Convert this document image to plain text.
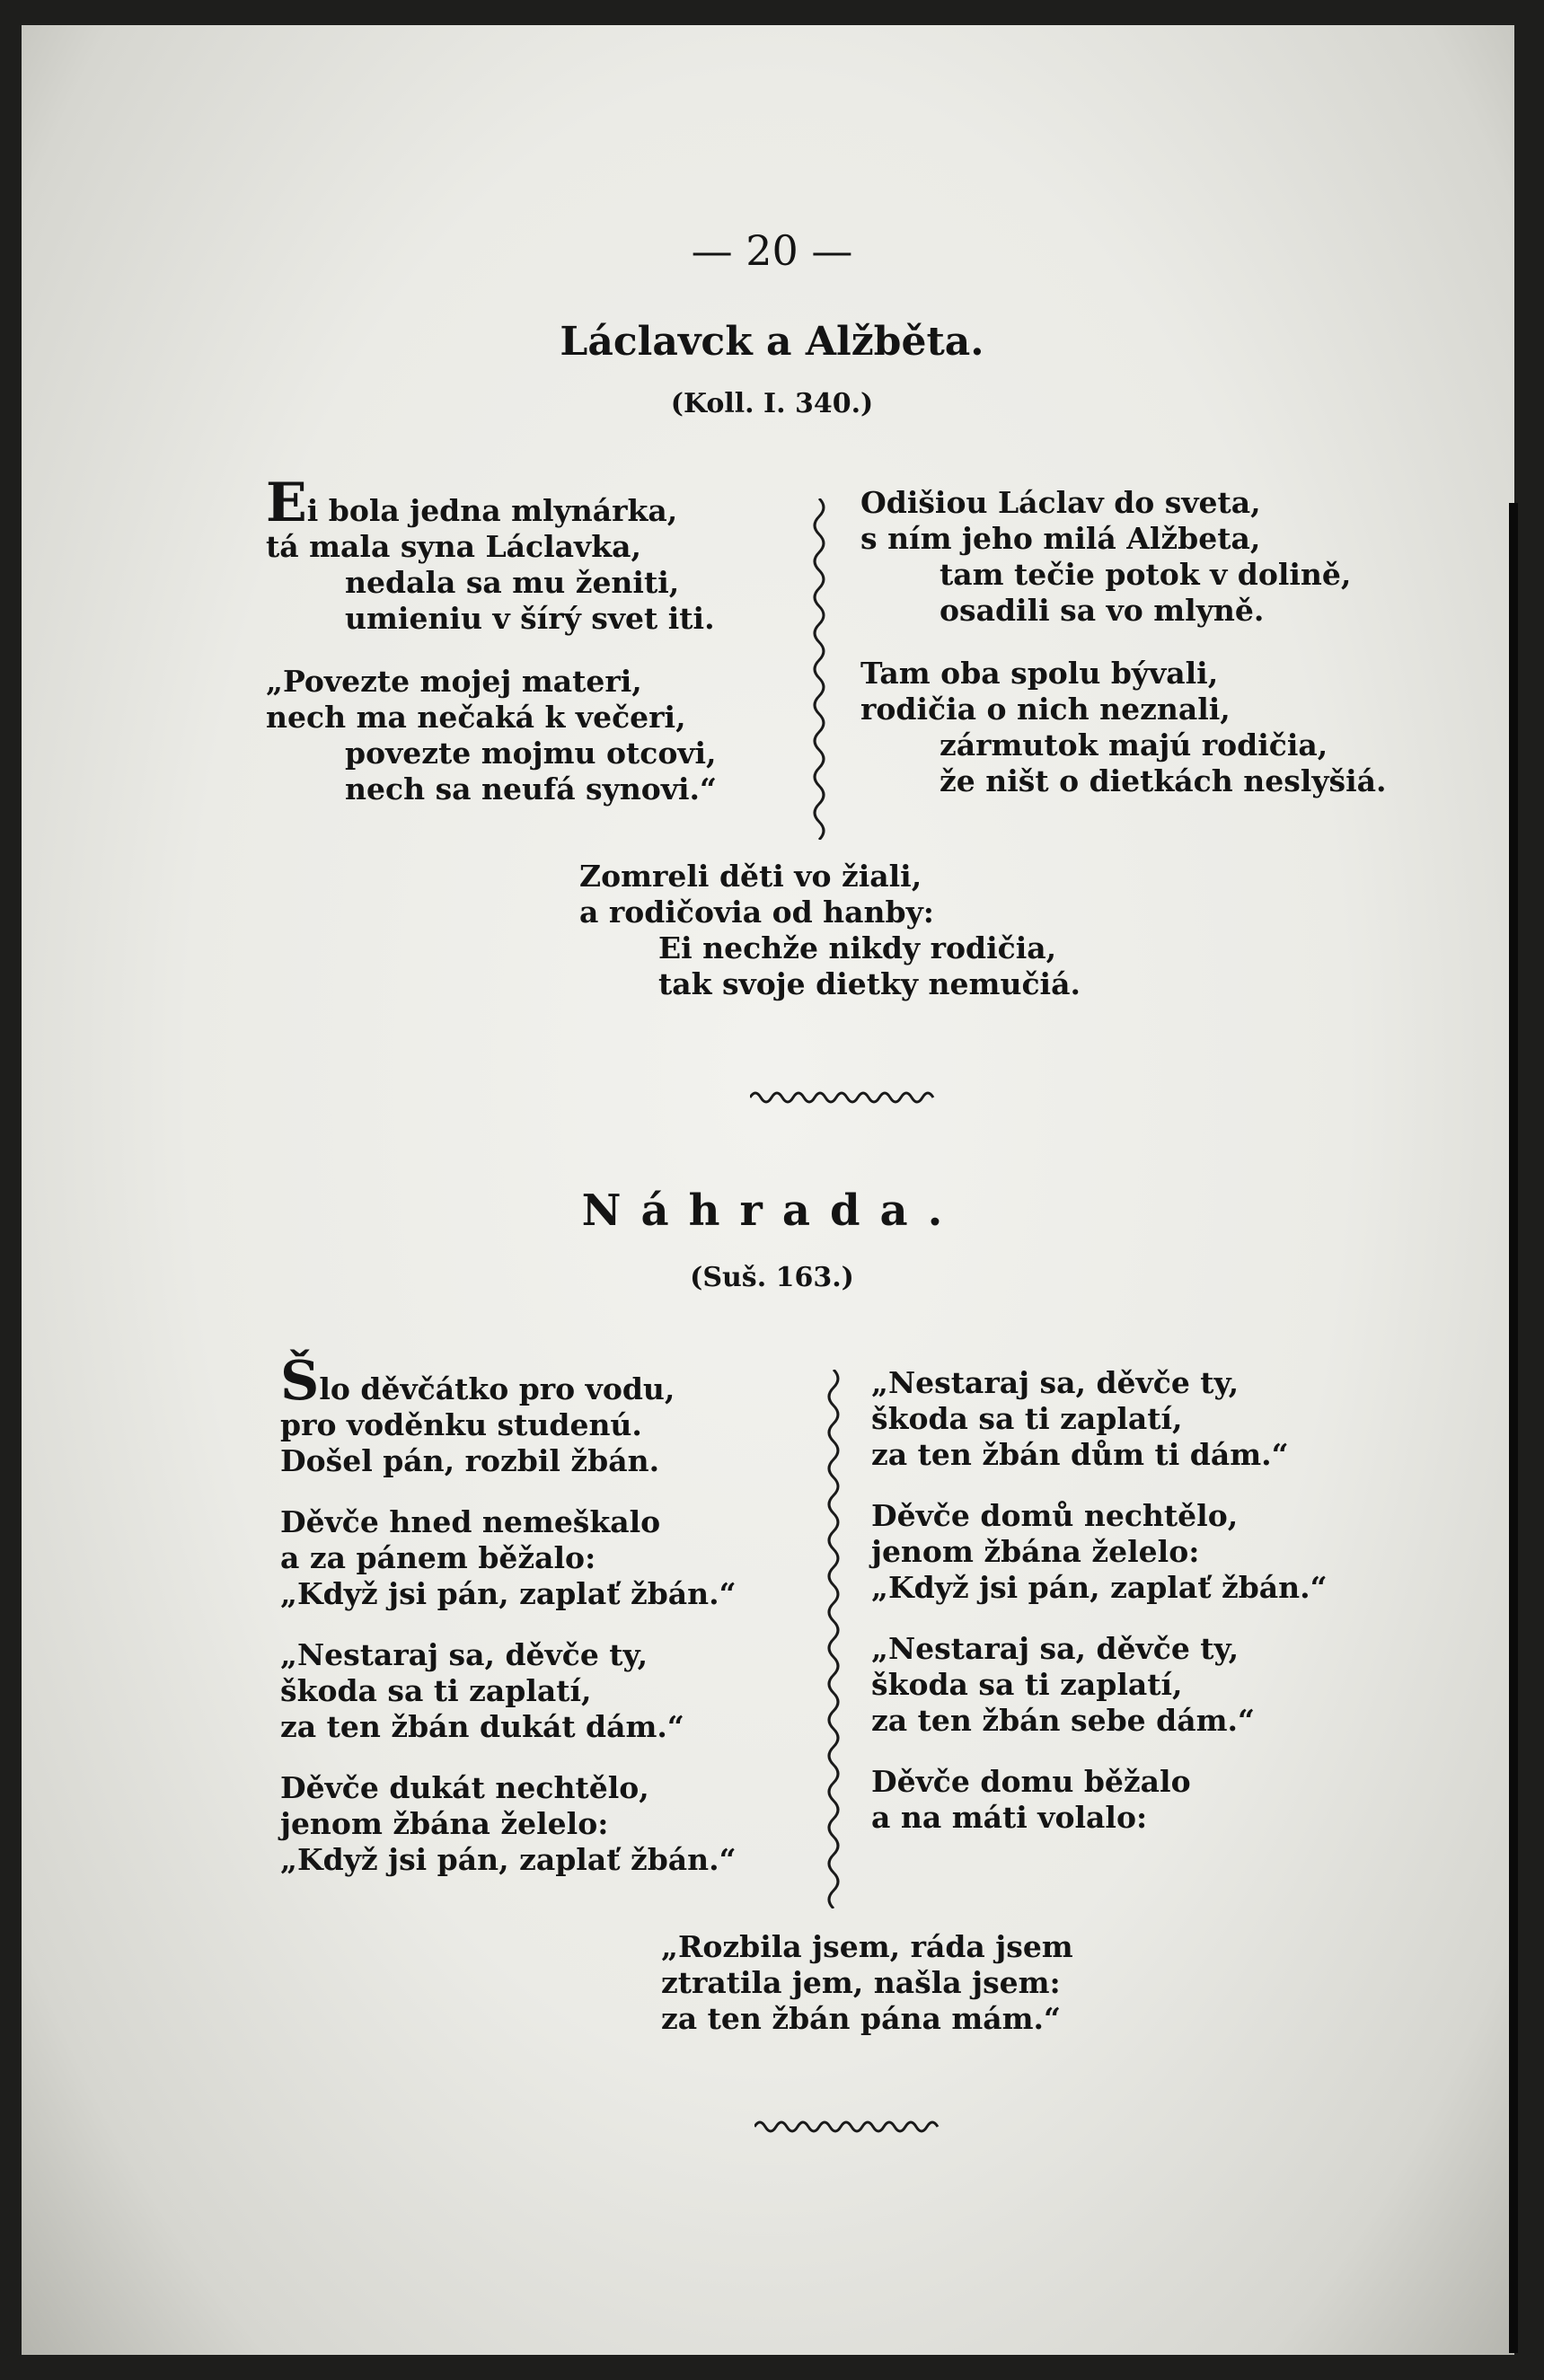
— 20 —
Láclavck a Alžběta.
(Koll. I. 340.)
Ei bola jedna mlynárka,
tá mala syna Láclavka,
nedala sa mu ženiti,
umieniu v šírý svet iti.
„Povezte mojej materi,
nech ma nečaká k večeri,
povezte mojmu otcovi,
nech sa neufá synovi.“
Odišiou Láclav do sveta,
s ním jeho milá Alžbeta,
tam tečie potok v dolině,
osadili sa vo mlyně.
Tam oba spolu bývali,
rodičia o nich neznali,
zármutok majú rodičia,
že ništ o dietkách neslyšiá.
Zomreli děti vo žiali,
a rodičovia od hanby:
Ei nechže nikdy rodičia,
tak svoje dietky nemučiá.
Náhrada.
(Suš. 163.)
Šlo děvčátko pro vodu,
pro voděnku studenú.
Došel pán, rozbil žbán.
Děvče hned nemeškalo
a za pánem běžalo:
„Když jsi pán, zaplať žbán.“
„Nestaraj sa, děvče ty,
škoda sa ti zaplatí,
za ten žbán dukát dám.“
Děvče dukát nechtělo,
jenom žbána želelo:
„Když jsi pán, zaplať žbán.“
„Nestaraj sa, děvče ty,
škoda sa ti zaplatí,
za ten žbán dům ti dám.“
Děvče domů nechtělo,
jenom žbána želelo:
„Když jsi pán, zaplať žbán.“
„Nestaraj sa, děvče ty,
škoda sa ti zaplatí,
za ten žbán sebe dám.“
Děvče domu běžalo
a na máti volalo:
„Rozbila jsem, ráda jsem
ztratila jem, našla jsem:
za ten žbán pána mám.“
